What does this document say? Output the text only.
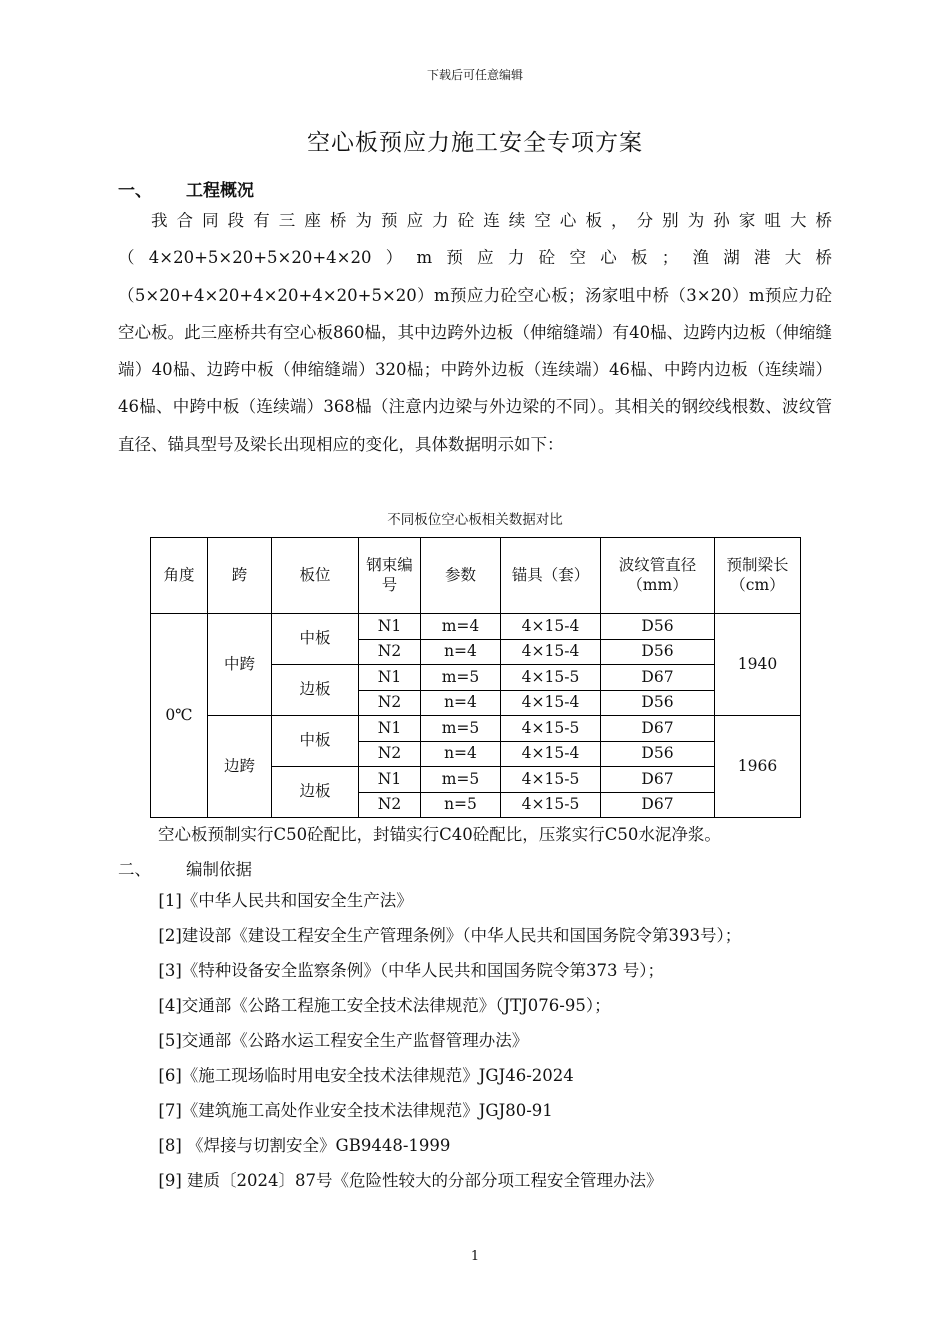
下载后可任意编辑
空心板预应力施工安全专项方案
一、 工程概况

我合同段有三座桥为预应力砼连续空心板，分别为孙家咀大桥（4×20+5×20+5×20+4×20）m预应力砼空心板；渔湖港大桥（5×20+4×20+4×20+4×20+5×20）m预应力砼空心板；汤家咀中桥（3×20）m预应力砼空心板。此三座桥共有空心板860榀，其中边跨外边板（伸缩缝端）有40榀、边跨内边板（伸缩缝端）40榀、边跨中板（伸缩缝端）320榀；中跨外边板（连续端）46榀、中跨内边板（连续端）46榀、中跨中板（连续端）368榀（注意内边梁与外边梁的不同）。其相关的钢绞线根数、波纹管直径、锚具型号及梁长出现相应的变化，具体数据明示如下：

不同板位空心板相关数据对比
角度	跨	板位	钢束编号	参数	锚具（套）	波纹管直径（mm）	预制梁长（cm）
0℃	中跨	中板	N1	m=4	4×15-4	D56	1940
			N2	n=4	4×15-4	D56	
		边板	N1	m=5	4×15-5	D67	
			N2	n=4	4×15-4	D56	
	边跨	中板	N1	m=5	4×15-5	D67	1966
			N2	n=4	4×15-4	D56	
		边板	N1	m=5	4×15-5	D67	
			N2	n=5	4×15-5	D67	
空心板预制实行C50砼配比，封锚实行C40砼配比，压浆实行C50水泥净浆。
二、 编制依据
[1]《中华人民共和国安全生产法》
[2]建设部《建设工程安全生产管理条例》（中华人民共和国国务院令第393号）；
[3]《特种设备安全监察条例》（中华人民共和国国务院令第373 号）；
[4]交通部《公路工程施工安全技术法律规范》（JTJ076-95）；
[5]交通部《公路水运工程安全生产监督管理办法》
[6]《施工现场临时用电安全技术法律规范》JGJ46-2024
[7]《建筑施工高处作业安全技术法律规范》JGJ80-91
[8] 《焊接与切割安全》GB9448-1999
[9] 建质〔2024〕87号《危险性较大的分部分项工程安全管理办法》
1
